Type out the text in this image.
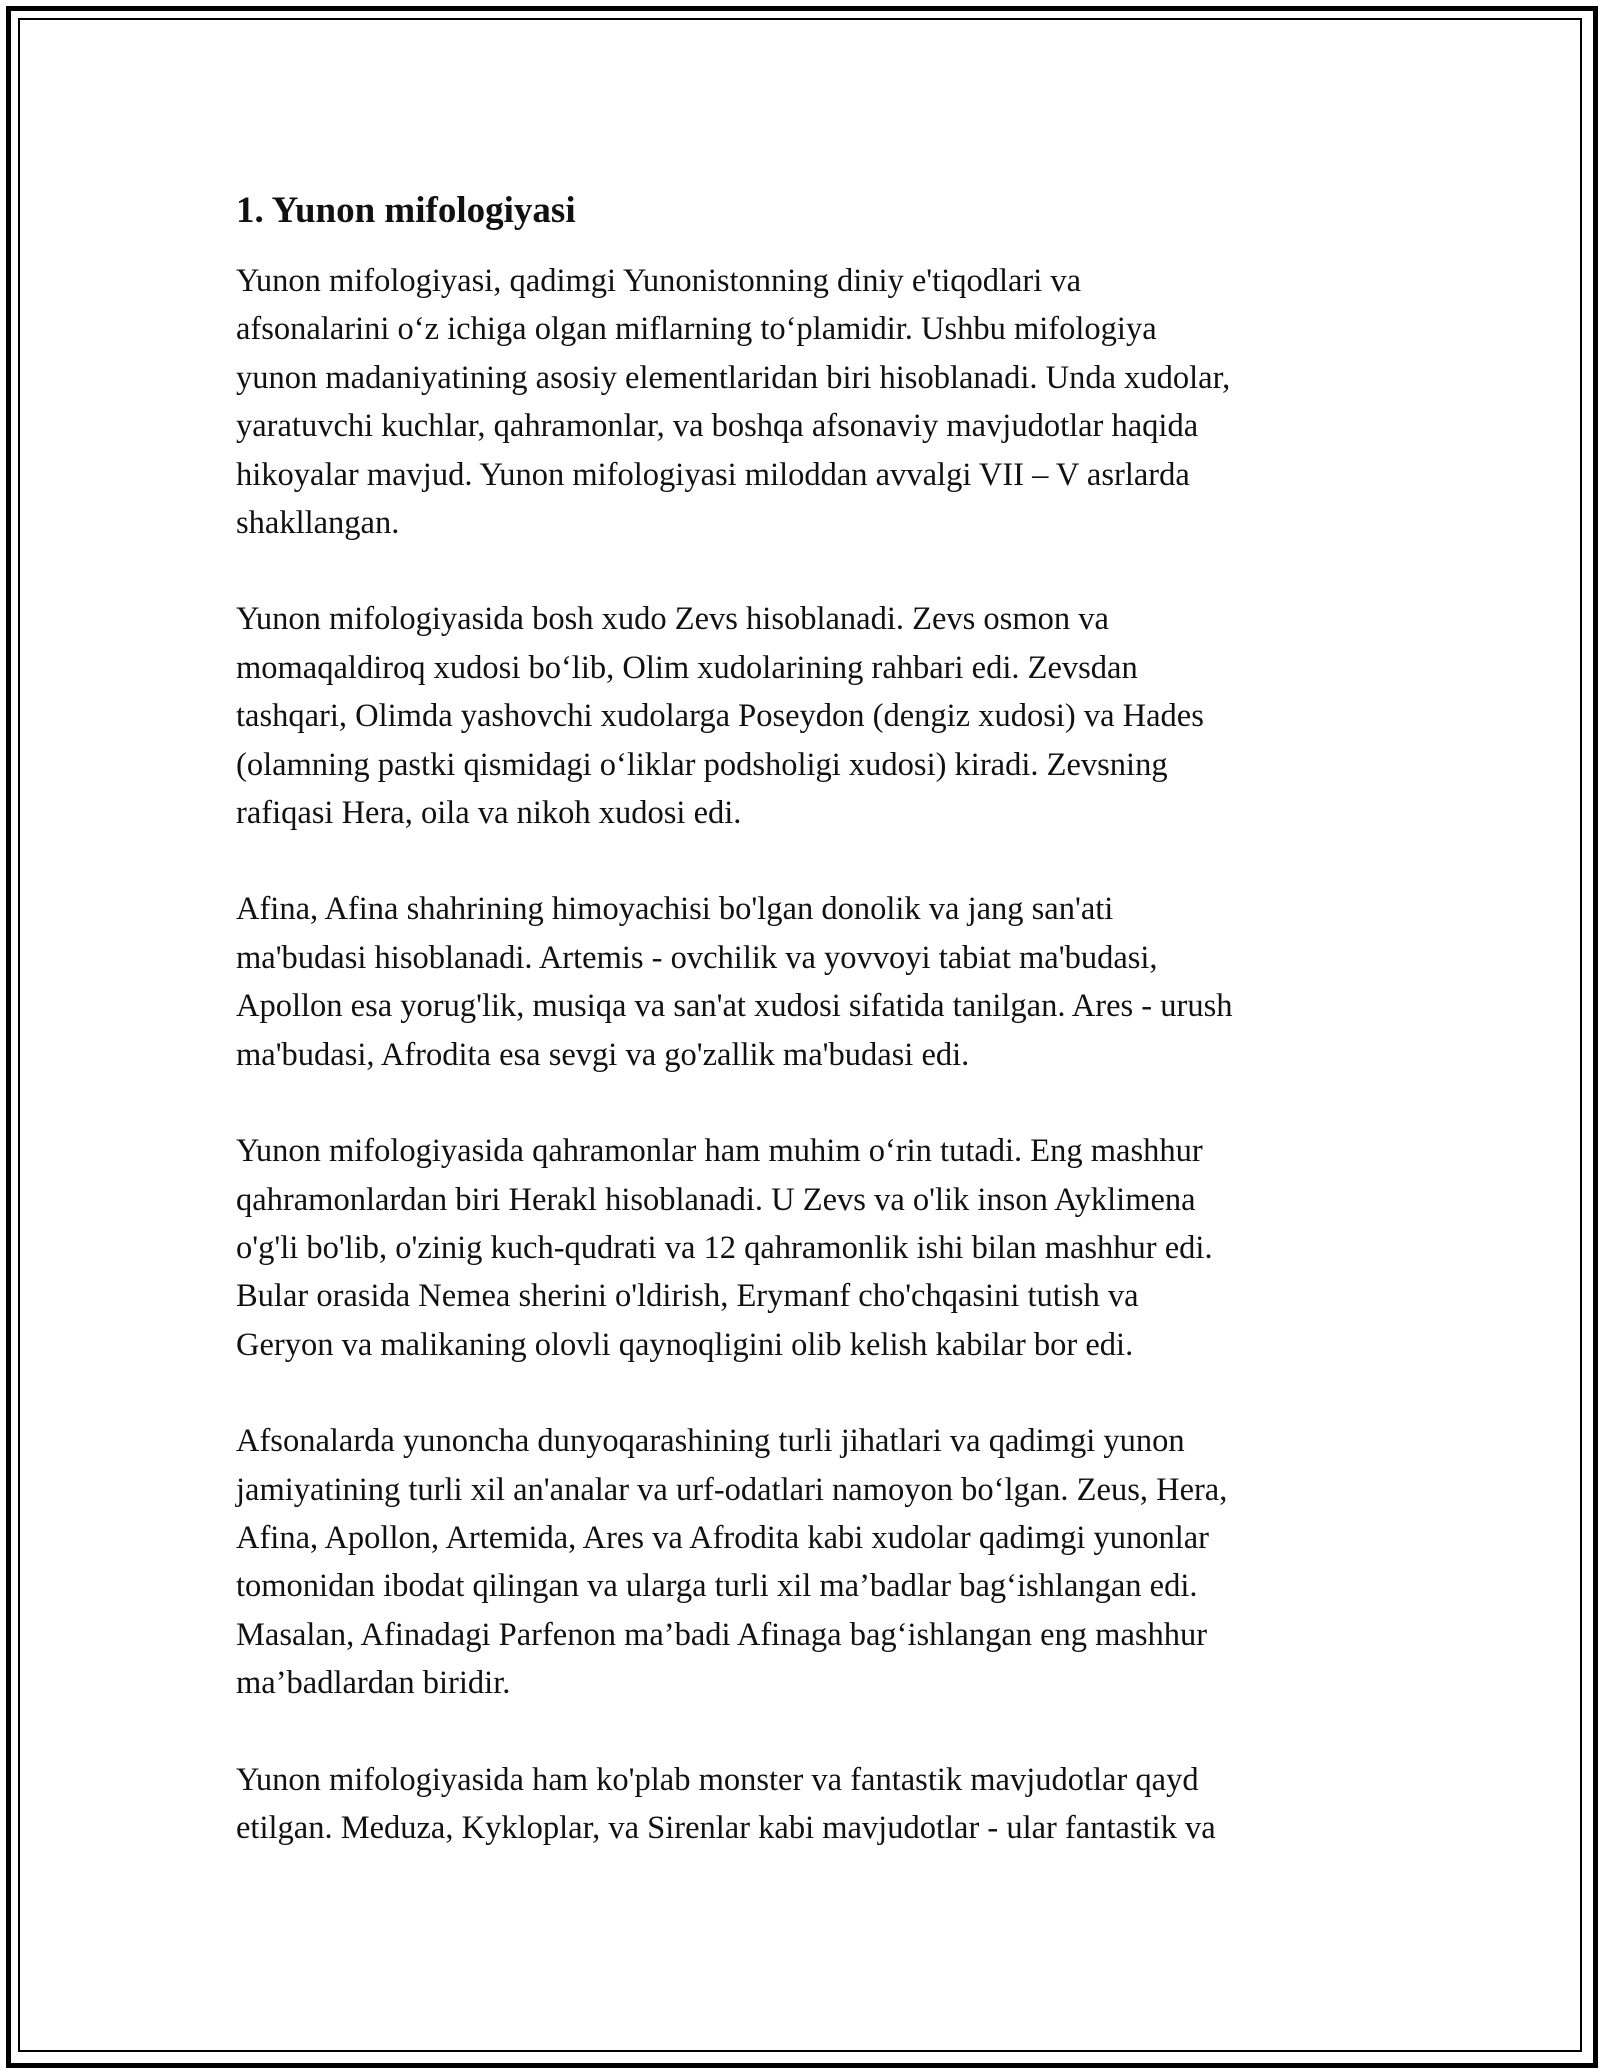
1. Yunon mifologiyasi

Yunon mifologiyasi, qadimgi Yunonistonning diniy e'tiqodlari va
afsonalarini o‘z ichiga olgan miflarning to‘plamidir. Ushbu mifologiya
yunon madaniyatining asosiy elementlaridan biri hisoblanadi. Unda xudolar,
yaratuvchi kuchlar, qahramonlar, va boshqa afsonaviy mavjudotlar haqida
hikoyalar mavjud. Yunon mifologiyasi miloddan avvalgi VII – V asrlarda
shakllangan.

Yunon mifologiyasida bosh xudo Zevs hisoblanadi. Zevs osmon va
momaqaldiroq xudosi bo‘lib, Olim xudolarining rahbari edi. Zevsdan
tashqari, Olimda yashovchi xudolarga Poseydon (dengiz xudosi) va Hades
(olamning pastki qismidagi o‘liklar podsholigi xudosi) kiradi. Zevsning
rafiqasi Hera, oila va nikoh xudosi edi.

Afina, Afina shahrining himoyachisi bo'lgan donolik va jang san'ati
ma'budasi hisoblanadi. Artemis - ovchilik va yovvoyi tabiat ma'budasi,
Apollon esa yorug'lik, musiqa va san'at xudosi sifatida tanilgan. Ares - urush
ma'budasi, Afrodita esa sevgi va go'zallik ma'budasi edi.

Yunon mifologiyasida qahramonlar ham muhim o‘rin tutadi. Eng mashhur
qahramonlardan biri Herakl hisoblanadi. U Zevs va o'lik inson Ayklimena
o'g'li bo'lib, o'zinig kuch-qudrati va 12 qahramonlik ishi bilan mashhur edi.
Bular orasida Nemea sherini o'ldirish, Erymanf cho'chqasini tutish va
Geryon va malikaning olovli qaynoqligini olib kelish kabilar bor edi.

Afsonalarda yunoncha dunyoqarashining turli jihatlari va qadimgi yunon
jamiyatining turli xil an'analar va urf-odatlari namoyon bo‘lgan. Zeus, Hera,
Afina, Apollon, Artemida, Ares va Afrodita kabi xudolar qadimgi yunonlar
tomonidan ibodat qilingan va ularga turli xil ma’badlar bag‘ishlangan edi.
Masalan, Afinadagi Parfenon ma’badi Afinaga bag‘ishlangan eng mashhur
ma’badlardan biridir.

Yunon mifologiyasida ham ko'plab monster va fantastik mavjudotlar qayd
etilgan. Meduza, Kykloplar, va Sirenlar kabi mavjudotlar - ular fantastik va
